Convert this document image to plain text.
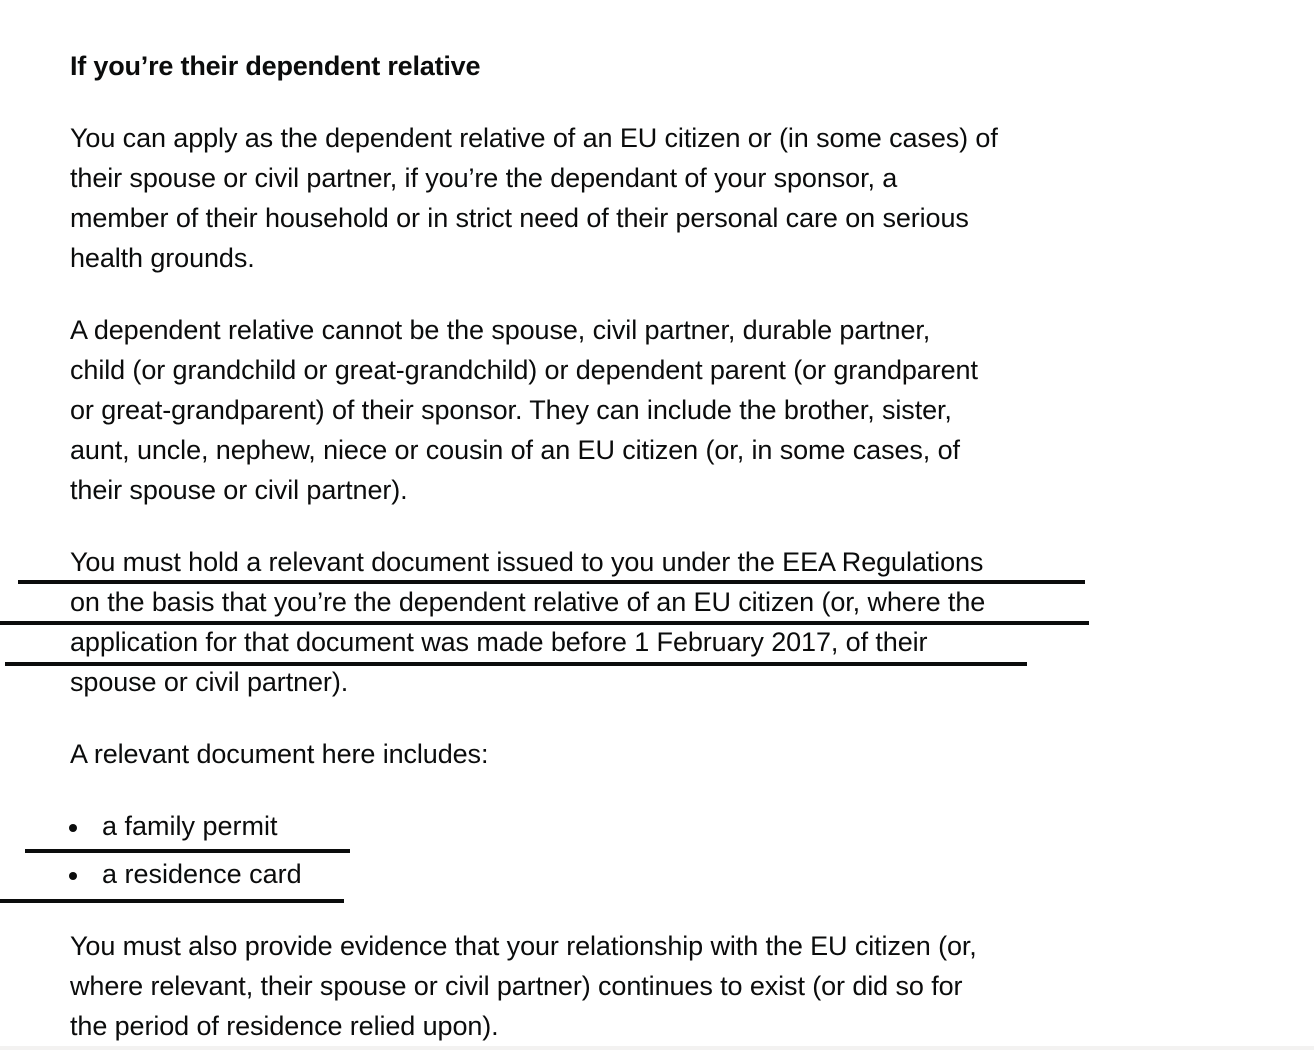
If you’re their dependent relative

You can apply as the dependent relative of an EU citizen or (in some cases) of
their spouse or civil partner, if you’re the dependant of your sponsor, a
member of their household or in strict need of their personal care on serious
health grounds.

A dependent relative cannot be the spouse, civil partner, durable partner,
child (or grandchild or great-grandchild) or dependent parent (or grandparent
or great-grandparent) of their sponsor. They can include the brother, sister,
aunt, uncle, nephew, niece or cousin of an EU citizen (or, in some cases, of
their spouse or civil partner).

You must hold a relevant document issued to you under the EEA Regulations
on the basis that you’re the dependent relative of an EU citizen (or, where the
application for that document was made before 1 February 2017, of their
spouse or civil partner).

A relevant document here includes:

a family permit
a residence card

You must also provide evidence that your relationship with the EU citizen (or,
where relevant, their spouse or civil partner) continues to exist (or did so for
the period of residence relied upon).
